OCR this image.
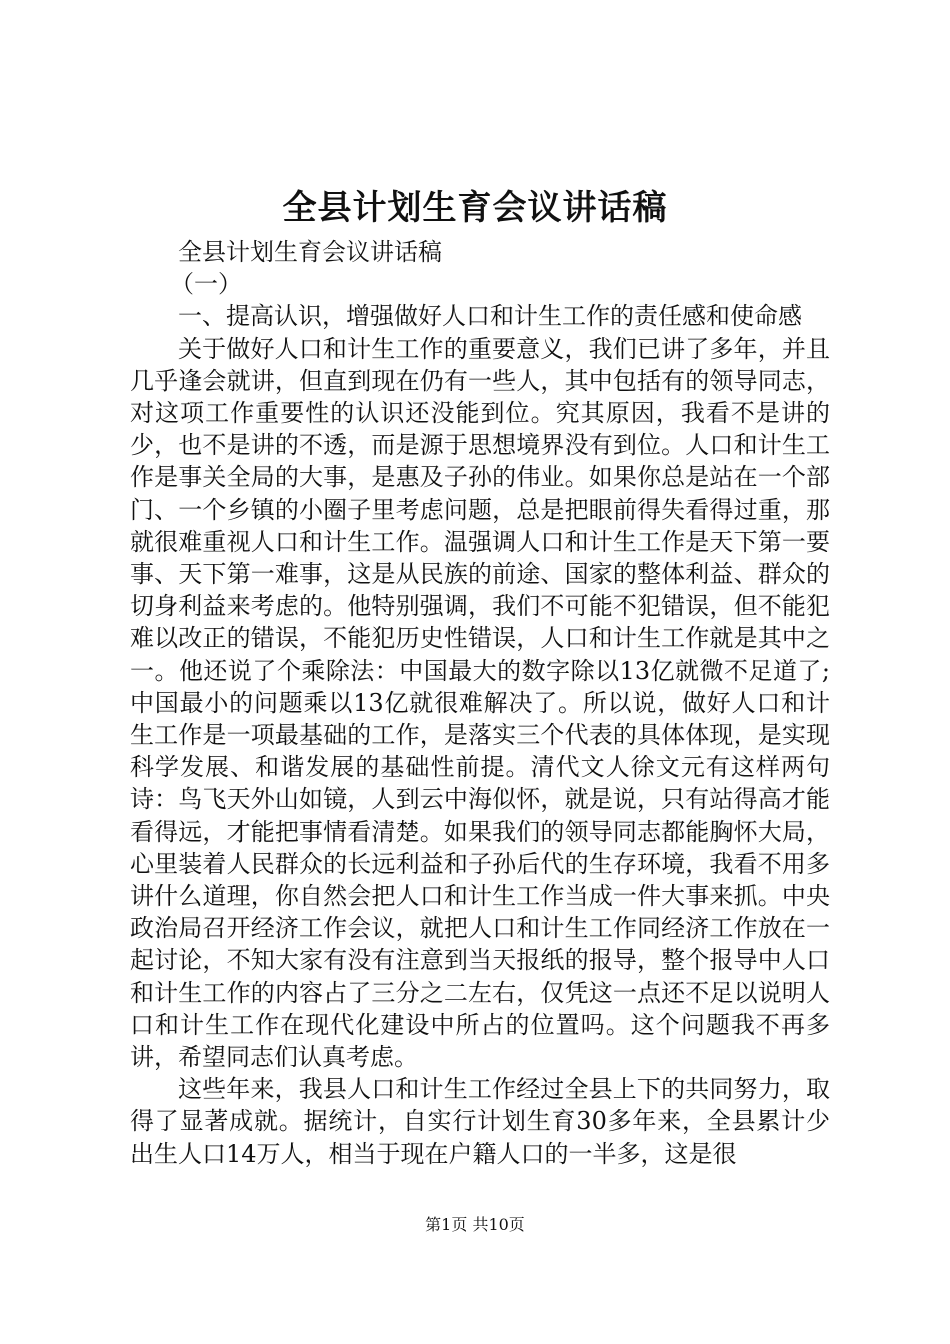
全县计划生育会议讲话稿

全县计划生育会议讲话稿

（一）

一、提高认识，增强做好人口和计生工作的责任感和使命感

关于做好人口和计生工作的重要意义，我们已讲了多年，并且几乎逢会就讲，但直到现在仍有一些人，其中包括有的领导同志，对这项工作重要性的认识还没能到位。究其原因，我看不是讲的少，也不是讲的不透，而是源于思想境界没有到位。人口和计生工作是事关全局的大事，是惠及子孙的伟业。如果你总是站在一个部门、一个乡镇的小圈子里考虑问题，总是把眼前得失看得过重，那就很难重视人口和计生工作。温强调人口和计生工作是天下第一要事、天下第一难事，这是从民族的前途、国家的整体利益、群众的切身利益来考虑的。他特别强调，我们不可能不犯错误，但不能犯难以改正的错误，不能犯历史性错误，人口和计生工作就是其中之一。他还说了个乘除法：中国最大的数字除以13亿就微不足道了;中国最小的问题乘以13亿就很难解决了。所以说，做好人口和计生工作是一项最基础的工作，是落实三个代表的具体体现，是实现科学发展、和谐发展的基础性前提。清代文人徐文元有这样两句诗：鸟飞天外山如镜，人到云中海似怀，就是说，只有站得高才能看得远，才能把事情看清楚。如果我们的领导同志都能胸怀大局，心里装着人民群众的长远利益和子孙后代的生存环境，我看不用多讲什么道理，你自然会把人口和计生工作当成一件大事来抓。中央政治局召开经济工作会议，就把人口和计生工作同经济工作放在一起讨论，不知大家有没有注意到当天报纸的报导，整个报导中人口和计生工作的内容占了三分之二左右，仅凭这一点还不足以说明人口和计生工作在现代化建设中所占的位置吗。这个问题我不再多讲，希望同志们认真考虑。

这些年来，我县人口和计生工作经过全县上下的共同努力，取得了显著成就。据统计，自实行计划生育30多年来，全县累计少出生人口14万人，相当于现在户籍人口的一半多，这是很

第1页 共10页
